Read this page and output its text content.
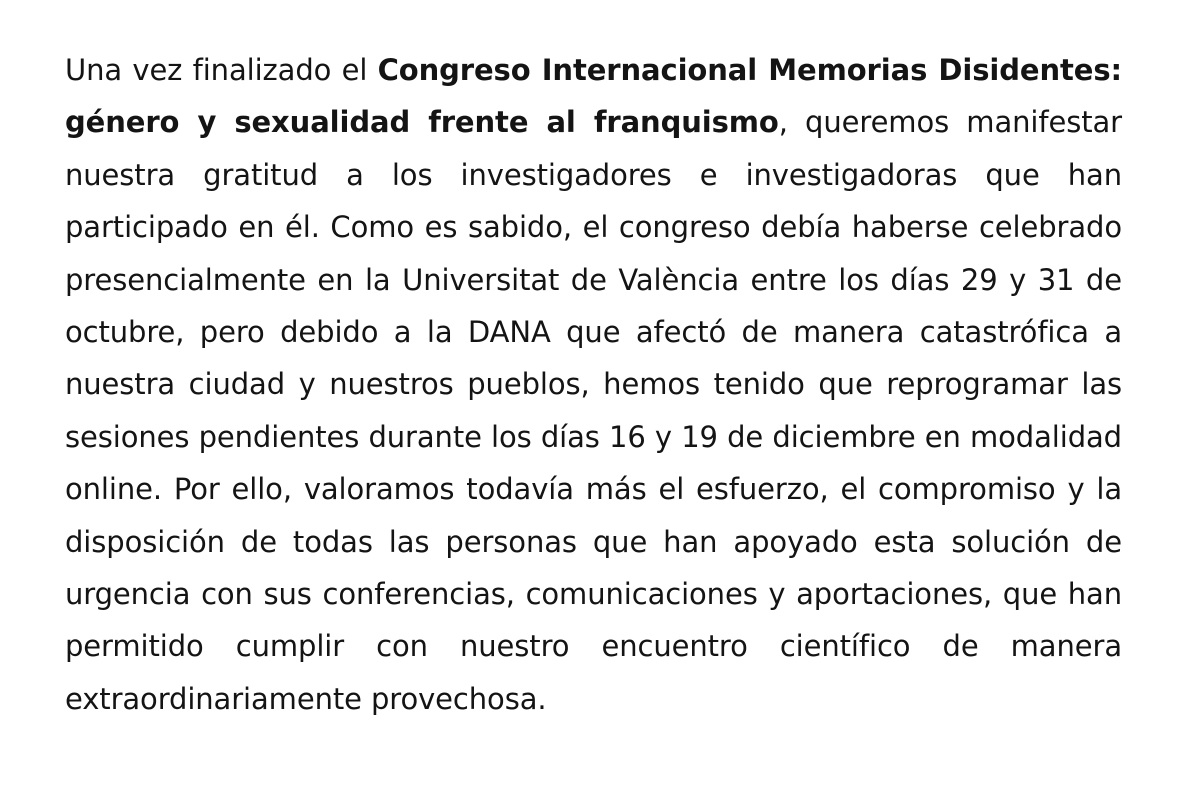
Una vez finalizado el Congreso Internacional Memorias Disidentes: género y sexualidad frente al franquismo, queremos manifestar nuestra gratitud a los investigadores e investigadoras que han participado en él. Como es sabido, el congreso debía haberse celebrado presencialmente en la Universitat de València entre los días 29 y 31 de octubre, pero debido a la DANA que afectó de manera catastrófica a nuestra ciudad y nuestros pueblos, hemos tenido que reprogramar las sesiones pendientes durante los días 16 y 19 de diciembre en modalidad online. Por ello, valoramos todavía más el esfuerzo, el compromiso y la disposición de todas las personas que han apoyado esta solución de urgencia con sus conferencias, comunicaciones y aportaciones, que han permitido cumplir con nuestro encuentro científico de manera extraordinariamente provechosa.
